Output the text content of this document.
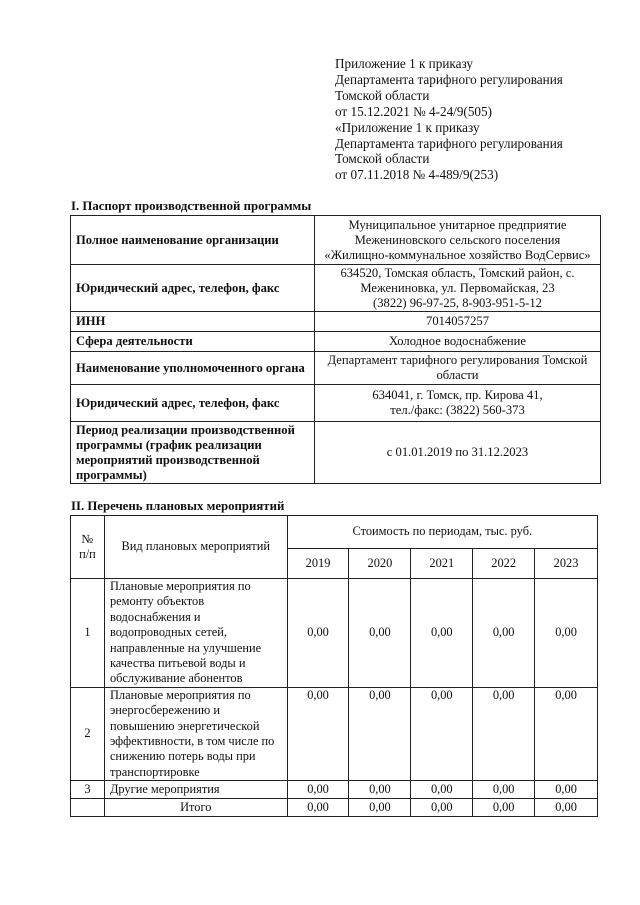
Приложение 1 к приказу
Департамента тарифного регулирования
Томской области
от 15.12.2021 № 4-24/9(505)
«Приложение 1 к приказу
Департамента тарифного регулирования
Томской области
от 07.11.2018 № 4-489/9(253)
I. Паспорт производственной программы
Полное наименование организации	Муниципальное унитарное предприятие
Межениновского сельского поселения
«Жилищно-коммунальное хозяйство ВодСервис»

Юридический адрес, телефон, факс	634520, Томская область, Томский район, с.
Межениновка, ул. Первомайская, 23
(3822) 96-97-25, 8-903-951-5-12

ИНН	7014057257

Сфера деятельности	Холодное водоснабжение

Наименование уполномоченного органа	Департамент тарифного регулирования Томской
области

Юридический адрес, телефон, факс	634041, г. Томск, пр. Кирова 41,
тел./факс: (3822) 560-373

Период реализации производственной программы (график реализации мероприятий производственной программы)	с 01.01.2019 по 31.12.2023
II. Перечень плановых мероприятий
№ п/п	Вид плановых мероприятий	Стоимость по периодам, тыс. руб.				
		2019	2020	2021	2022	2023
1	Плановые мероприятия по ремонту объектов водоснабжения и водопроводных сетей, направленные на улучшение качества питьевой воды и обслуживание абонентов	0,00	0,00	0,00	0,00	0,00
2	Плановые мероприятия по энергосбережению и повышению энергетической эффективности, в том числе по снижению потерь воды при транспортировке	0,00	0,00	0,00	0,00	0,00
3	Другие мероприятия	0,00	0,00	0,00	0,00	0,00
	Итого	0,00	0,00	0,00	0,00	0,00
